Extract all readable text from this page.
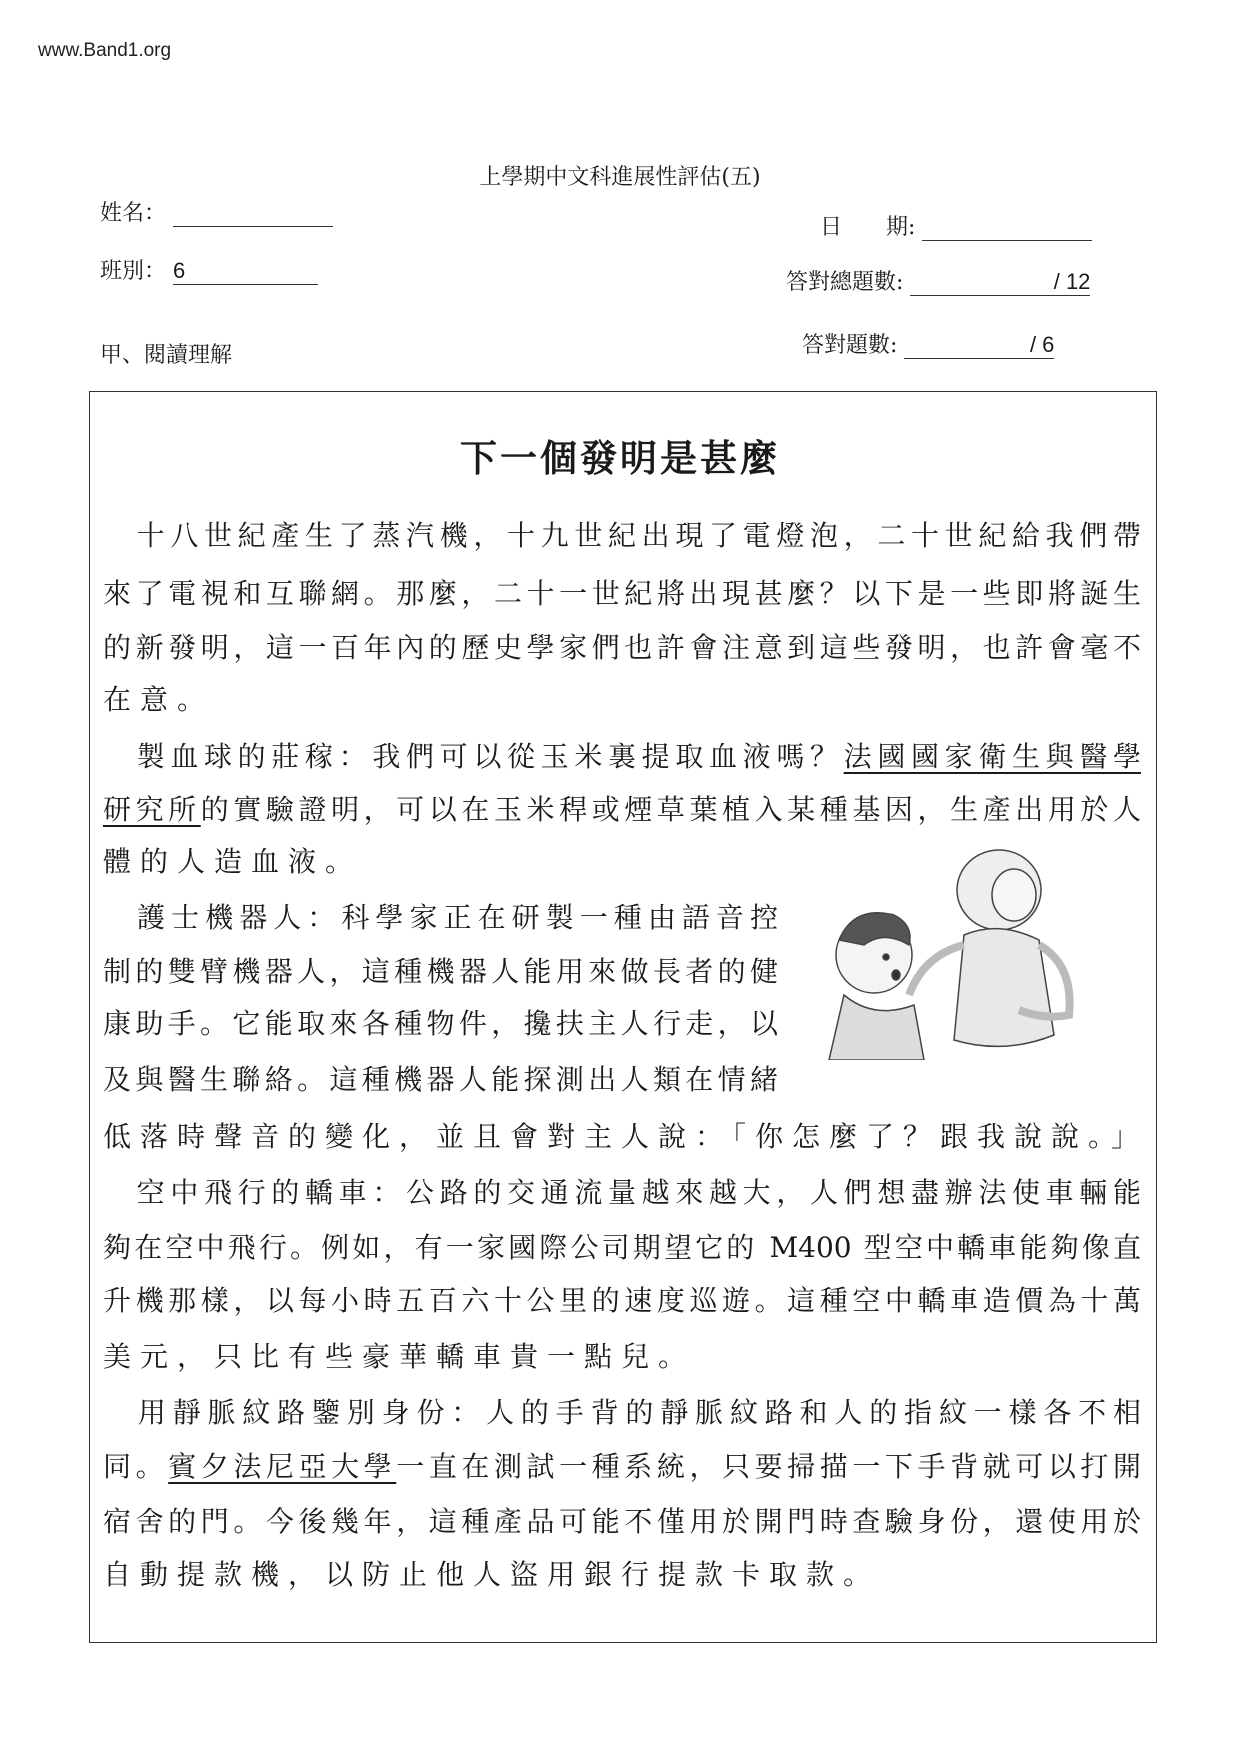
www.Band1.org
上學期中文科進展性評估(五)
姓名：
日　　期:
班別： 6	答對總題數:	/ 12
甲、閱讀理解	答對題數:	/ 6
下一個發明是甚麼
　十八世紀產生了蒸汽機，十九世紀出現了電燈泡，二十世紀給我們帶
來了電視和互聯網。那麼，二十一世紀將出現甚麼？以下是一些即將誕生
的新發明，這一百年內的歷史學家們也許會注意到這些發明，也許會毫不
在意。
　製血球的莊稼：我們可以從玉米裏提取血液嗎？法國國家衛生與醫學
研究所的實驗證明，可以在玉米稈或煙草葉植入某種基因，生產出用於人
體的人造血液。
　護士機器人：科學家正在研製一種由語音控
制的雙臂機器人，這種機器人能用來做長者的健
康助手。它能取來各種物件，攙扶主人行走，以
及與醫生聯絡。這種機器人能探測出人類在情緒
低落時聲音的變化，並且會對主人說：「你怎麼了？跟我說說。」
　空中飛行的轎車：公路的交通流量越來越大，人們想盡辦法使車輛能
夠在空中飛行。例如，有一家國際公司期望它的 M400 型空中轎車能夠像直
升機那樣，以每小時五百六十公里的速度巡遊。這種空中轎車造價為十萬
美元，只比有些豪華轎車貴一點兒。
　用靜脈紋路鑒別身份：人的手背的靜脈紋路和人的指紋一樣各不相
同。賓夕法尼亞大學一直在測試一種系統，只要掃描一下手背就可以打開
宿舍的門。今後幾年，這種產品可能不僅用於開門時查驗身份，還使用於
自動提款機，以防止他人盜用銀行提款卡取款。
